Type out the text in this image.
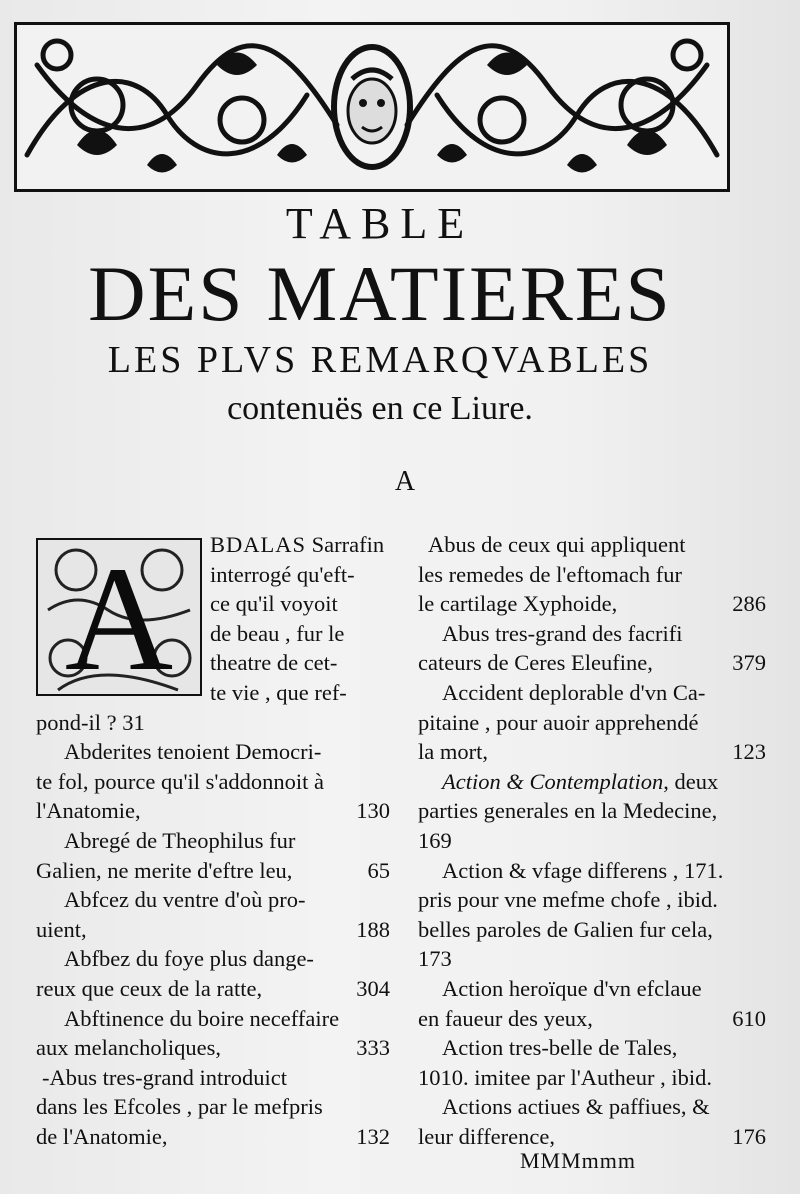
TABLE
DES MATIERES
LES PLVS REMARQVABLES
contenuës en ce Liure.
A
A	BDALAS Sarrafin
interrogé qu'eft-
ce qu'il voyoit
de beau , fur le
theatre de cet-
te vie , que ref-
pond-il ? 31
Abderites tenoient Democri-
te fol, pource qu'il s'addonnoit à
l'Anatomie,	130
Abregé de Theophilus fur
Galien, ne merite d'eftre leu,	65
Abfcez du ventre d'où pro-
uient,	188
Abfbez du foye plus dange-
reux que ceux de la ratte,	304
Abftinence du boire neceffaire
aux melancholiques,	333
-Abus tres-grand introduict
dans les Efcoles , par le mefpris
de l'Anatomie,	132
Abus de ceux qui appliquent
les remedes de l'eftomach fur
le cartilage Xyphoide,	286
Abus tres-grand des facrifi
cateurs de Ceres Eleufine,	379
Accident deplorable d'vn Ca-
pitaine , pour auoir apprehendé
la mort,	123
Action & Contemplation, deux
parties generales en la Medecine,
169
Action & vfage differens , 171.
pris pour vne mefme chofe , ibid.
belles paroles de Galien fur cela,
173
Action heroïque d'vn efclaue
en faueur des yeux,	610
Action tres-belle de Tales,
1010. imitee par l'Autheur , ibid.
Actions actiues & paffiues, &
leur difference,	176
MMMmmm
